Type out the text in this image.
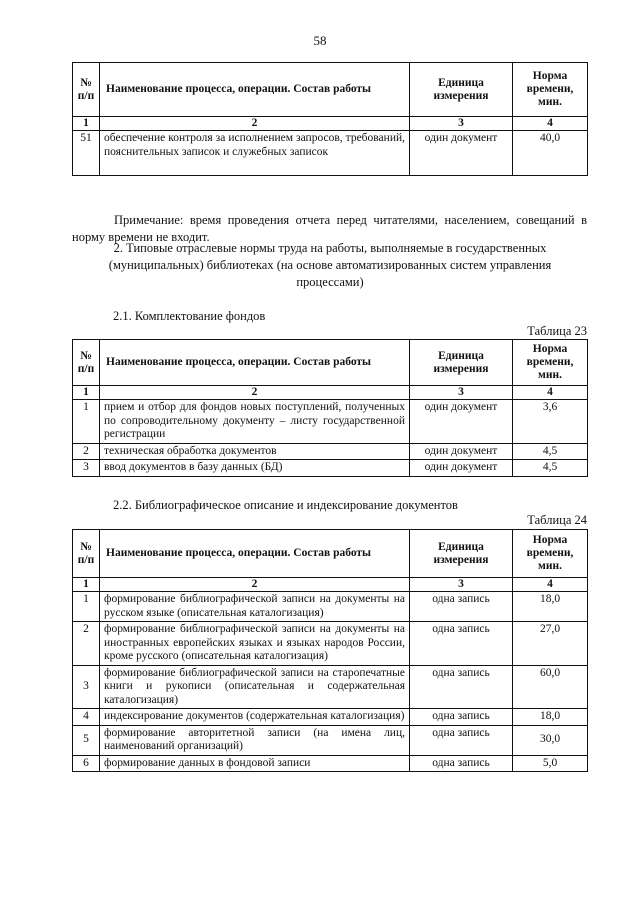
58
№ п/п	Наименование процесса, операции. Состав работы	Единица измерения	Норма времени, мин.
1	2	3	4
51	обеспечение контроля за исполнением запросов, требований, пояснительных записок и служебных записок	один документ	40,0
Примечание: время проведения отчета перед читателями, населением, совещаний в норму времени не входит.
2. Типовые отраслевые нормы труда на работы, выполняемые в государственных (муниципальных) библиотеках (на основе автоматизированных систем управления процессами)
2.1. Комплектование фондов
Таблица 23
№ п/п	Наименование процесса, операции. Состав работы	Единица измерения	Норма времени, мин.
1	2	3	4
1	прием и отбор для фондов новых поступлений, полученных по сопроводительному документу – листу государственной регистрации	один документ	3,6
2	техническая обработка документов	один документ	4,5
3	ввод документов в базу данных (БД)	один документ	4,5
2.2. Библиографическое описание и индексирование документов
Таблица 24
№ п/п	Наименование процесса, операции. Состав работы	Единица измерения	Норма времени, мин.
1	2	3	4
1	формирование библиографической записи на документы на русском языке (описательная каталогизация)	одна запись	18,0
2	формирование библиографической записи на документы на иностранных европейских языках и языках народов России, кроме русского (описательная каталогизация)	одна запись	27,0
3	формирование библиографической записи на старопечатные книги и рукописи (описательная и содержательная каталогизация)	одна запись	60,0
4	индексирование документов (содержательная каталогизация)	одна запись	18,0
5	формирование авторитетной записи (на имена лиц, наименований организаций)	одна запись	30,0
6	формирование данных в фондовой записи	одна запись	5,0
